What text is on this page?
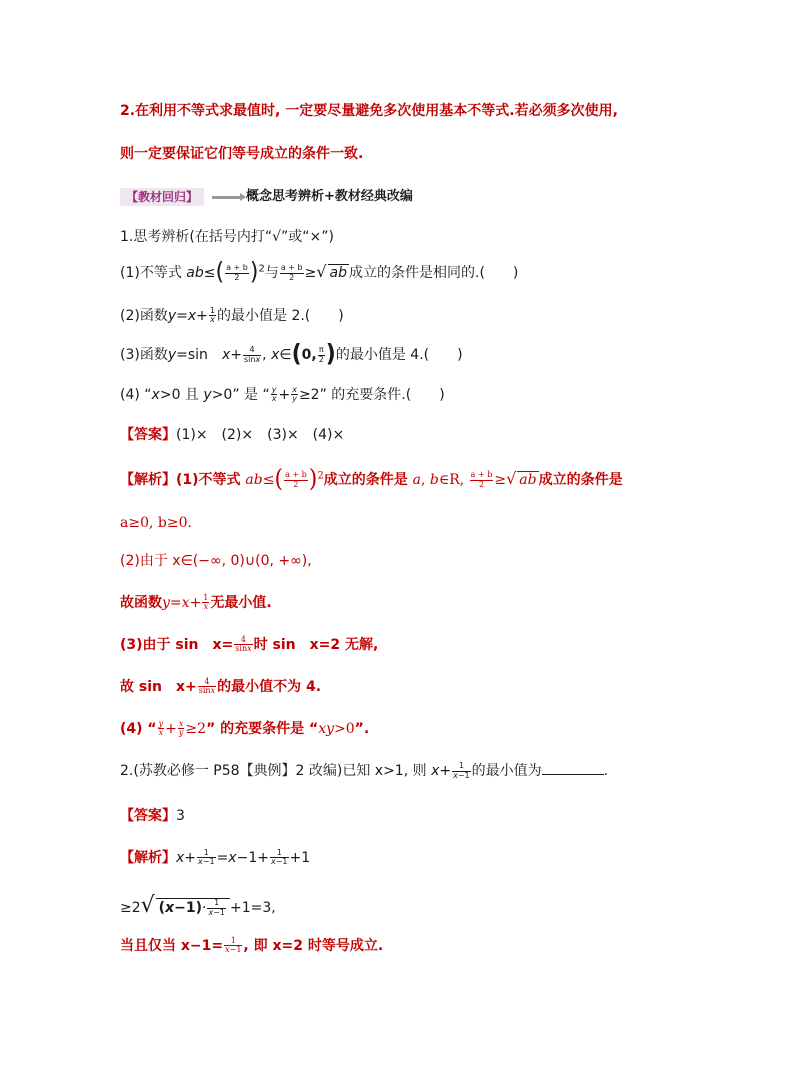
2.在利用不等式求最值时, 一定要尽量避免多次使用基本不等式.若必须多次使用,
则一定要保证它们等号成立的条件一致.
【教材回归】	概念思考辨析+教材经典改编
1.思考辨析(在括号内打“√”或“×”)
(1)不等式 $ab\le( \frac{a + b}{2} )^2$与 $\frac{a + b}{2}$ ≥√ ab 成立的条件是相同的.(　　)
(2)函数$y=x+ \frac{1}{x}$ 的最小值是 2.(　　)
(3)函数y=sin　$x+ \frac{4}{\sin x}$ , x∈(0, $\frac{\pi}{2}$ )的最小值是 4.(　　)
(4) “x>0 且 y>0” 是 “ $\frac{y}{x} + \frac{x}{y} \ge 2$” 的充要条件.(　　)
【答案】(1)×　(2)×　(3)×　(4)×
【解析】(1)不等式 $ab\le( \frac{a + b}{2} )^2$成立的条件是 a, b∈R, $\frac{a + b}{2}$ ≥√ ab 成立的条件是
a≥0, b≥0.
(2)由于 x∈(−∞, 0)∪(0, +∞),
故函数$y=x+ \frac{1}{x}$ 无最小值.
(3)由于 sin　$x= \frac{4}{\sin x}$ 时 sin　x=2 无解,
故 sin　$x+ \frac{4}{\sin x}$ 的最小值不为 4.
(4) “ $\frac{y}{x} + \frac{x}{y} \ge 2$” 的充要条件是 “xy>0”.
2.(苏教必修一 P58【典例】2 改编)已知 x>1, 则 $x+ \frac{1}{x-1}$ 的最小值为	.
【答案】3
【解析】$x+ \frac{1}{x-1} =x-1+ \frac{1}{x-1} +1$
≥2√ $(x-1)\cdot \frac{1}{x-1} +1=3$,
当且仅当 $x-1= \frac{1}{x-1}$ , 即 x=2 时等号成立.
